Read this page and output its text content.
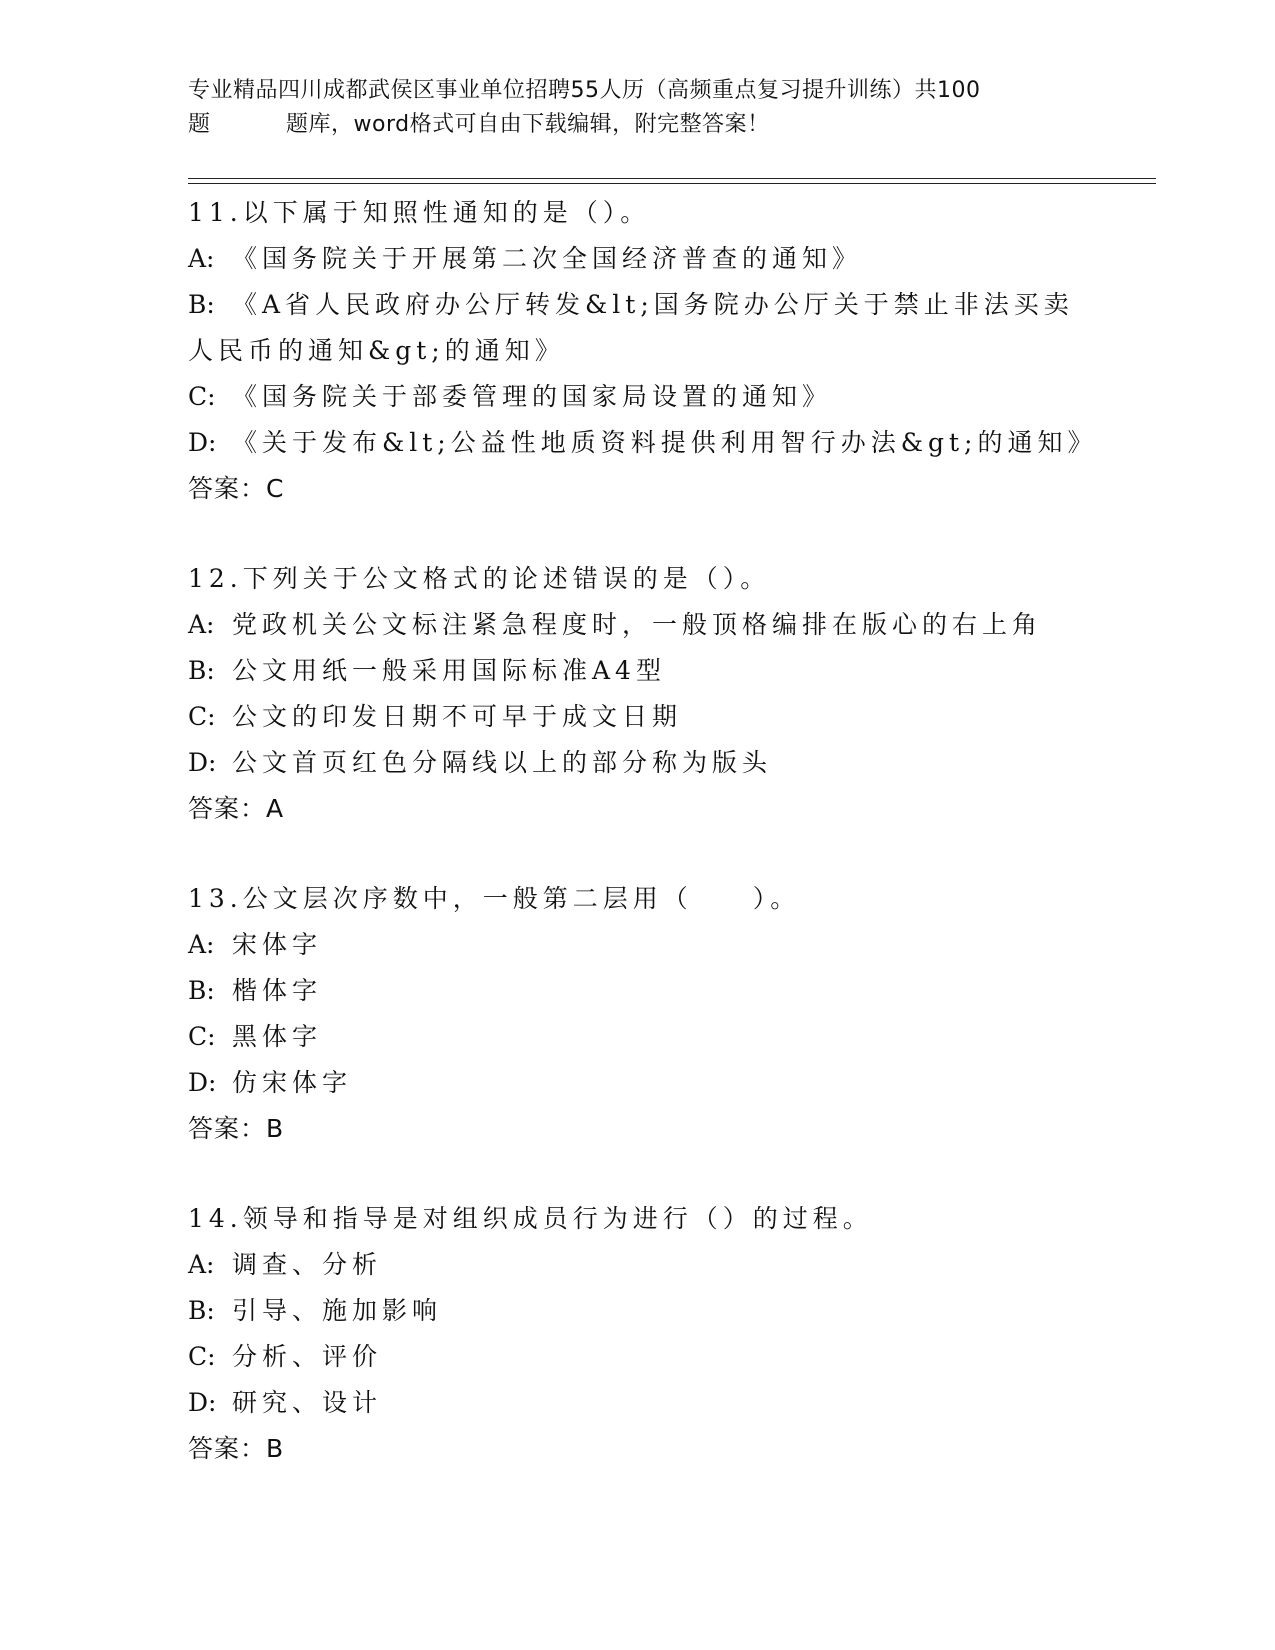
专业精品四川成都武侯区事业单位招聘55人历（高频重点复习提升训练）共100
题	题库，word格式可自由下载编辑，附完整答案！
11.以下属于知照性通知的是（）。
A: 《国务院关于开展第二次全国经济普查的通知》
B: 《A省人民政府办公厅转发&lt;国务院办公厅关于禁止非法买卖人民币的通知&gt;的通知》
C: 《国务院关于部委管理的国家局设置的通知》
D: 《关于发布&lt;公益性地质资料提供利用智行办法&gt;的通知》
答案：C
12.下列关于公文格式的论述错误的是（）。
A: 党政机关公文标注紧急程度时，一般顶格编排在版心的右上角
B: 公文用纸一般采用国际标准A4型
C: 公文的印发日期不可早于成文日期
D: 公文首页红色分隔线以上的部分称为版头
答案：A
13.公文层次序数中，一般第二层用（　　）。
A: 宋体字
B: 楷体字
C: 黑体字
D: 仿宋体字
答案：B
14.领导和指导是对组织成员行为进行（）的过程。
A: 调查、分析
B: 引导、施加影响
C: 分析、评价
D: 研究、设计
答案：B
